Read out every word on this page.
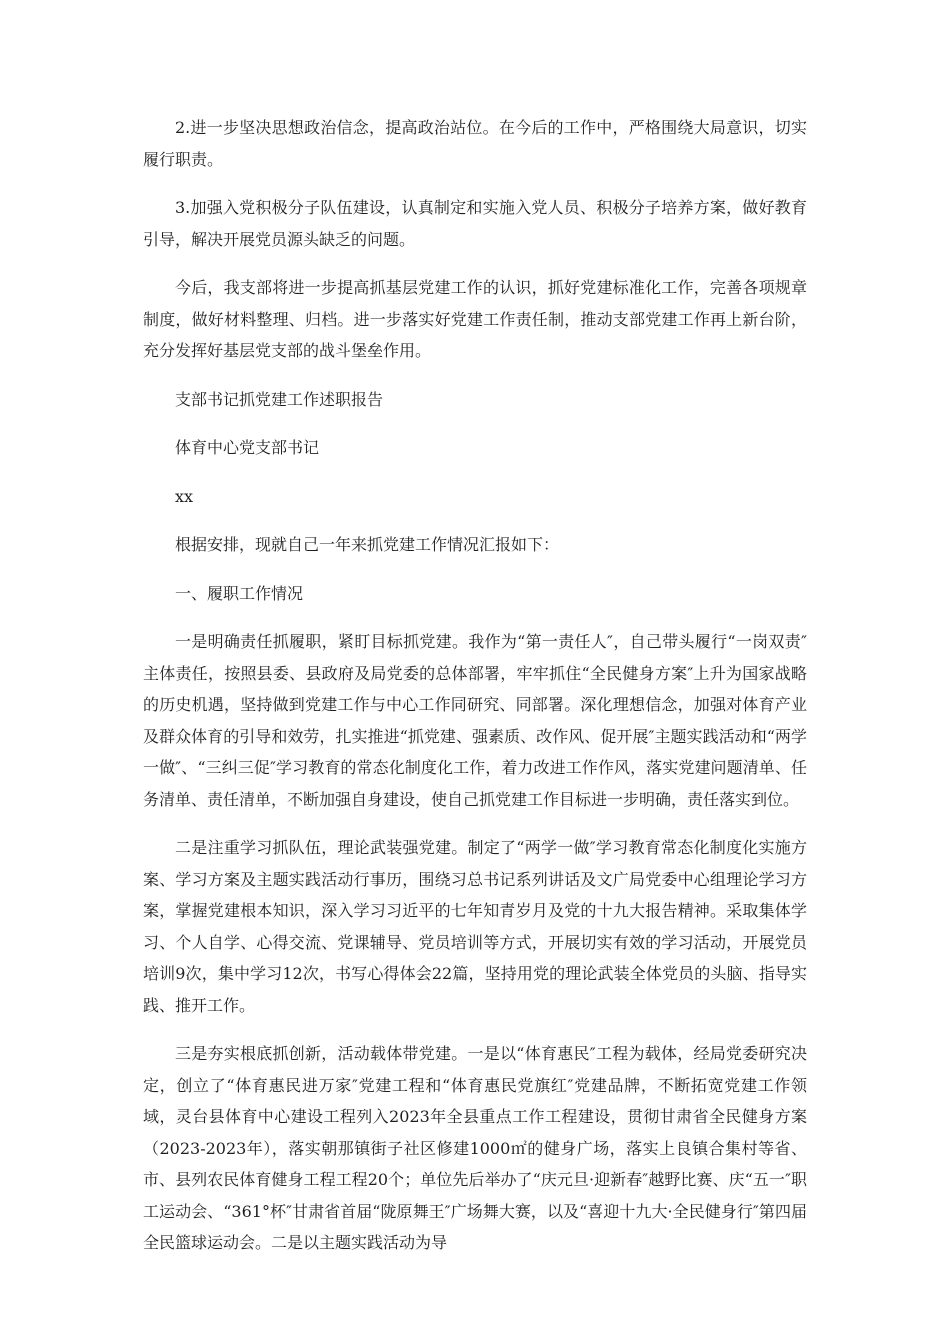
2.进一步坚决思想政治信念，提高政治站位。在今后的工作中，严格围绕大局意识，切实履行职责。

3.加强入党积极分子队伍建设，认真制定和实施入党人员、积极分子培养方案，做好教育引导，解决开展党员源头缺乏的问题。

今后，我支部将进一步提高抓基层党建工作的认识，抓好党建标准化工作，完善各项规章制度，做好材料整理、归档。进一步落实好党建工作责任制，推动支部党建工作再上新台阶，充分发挥好基层党支部的战斗堡垒作用。

支部书记抓党建工作述职报告

体育中心党支部书记

xx

根据安排，现就自己一年来抓党建工作情况汇报如下：

一、履职工作情况

一是明确责任抓履职，紧盯目标抓党建。我作为“第一责任人″，自己带头履行“一岗双责″主体责任，按照县委、县政府及局党委的总体部署，牢牢抓住“全民健身方案″上升为国家战略的历史机遇，坚持做到党建工作与中心工作同研究、同部署。深化理想信念，加强对体育产业及群众体育的引导和效劳，扎实推进“抓党建、强素质、改作风、促开展″主题实践活动和“两学一做″、“三纠三促″学习教育的常态化制度化工作，着力改进工作作风，落实党建问题清单、任务清单、责任清单，不断加强自身建设，使自己抓党建工作目标进一步明确，责任落实到位。

二是注重学习抓队伍，理论武装强党建。制定了“两学一做″学习教育常态化制度化实施方案、学习方案及主题实践活动行事历，围绕习总书记系列讲话及文广局党委中心组理论学习方案，掌握党建根本知识，深入学习习近平的七年知青岁月及党的十九大报告精神。采取集体学习、个人自学、心得交流、党课辅导、党员培训等方式，开展切实有效的学习活动，开展党员培训9次，集中学习12次，书写心得体会22篇，坚持用党的理论武装全体党员的头脑、指导实践、推开工作。

三是夯实根底抓创新，活动载体带党建。一是以“体育惠民″工程为载体，经局党委研究决定，创立了“体育惠民进万家″党建工程和“体育惠民党旗红″党建品牌，不断拓宽党建工作领域，灵台县体育中心建设工程列入2023年全县重点工作工程建设，贯彻甘肃省全民健身方案（2023-2023年），落实朝那镇街子社区修建1000㎡的健身广场，落实上良镇合集村等省、市、县列农民体育健身工程工程20个；单位先后举办了“庆元旦·迎新春″越野比赛、庆“五一″职工运动会、“361°杯″甘肃省首届“陇原舞王″广场舞大赛，以及“喜迎十九大·全民健身行″第四届全民篮球运动会。二是以主题实践活动为导
